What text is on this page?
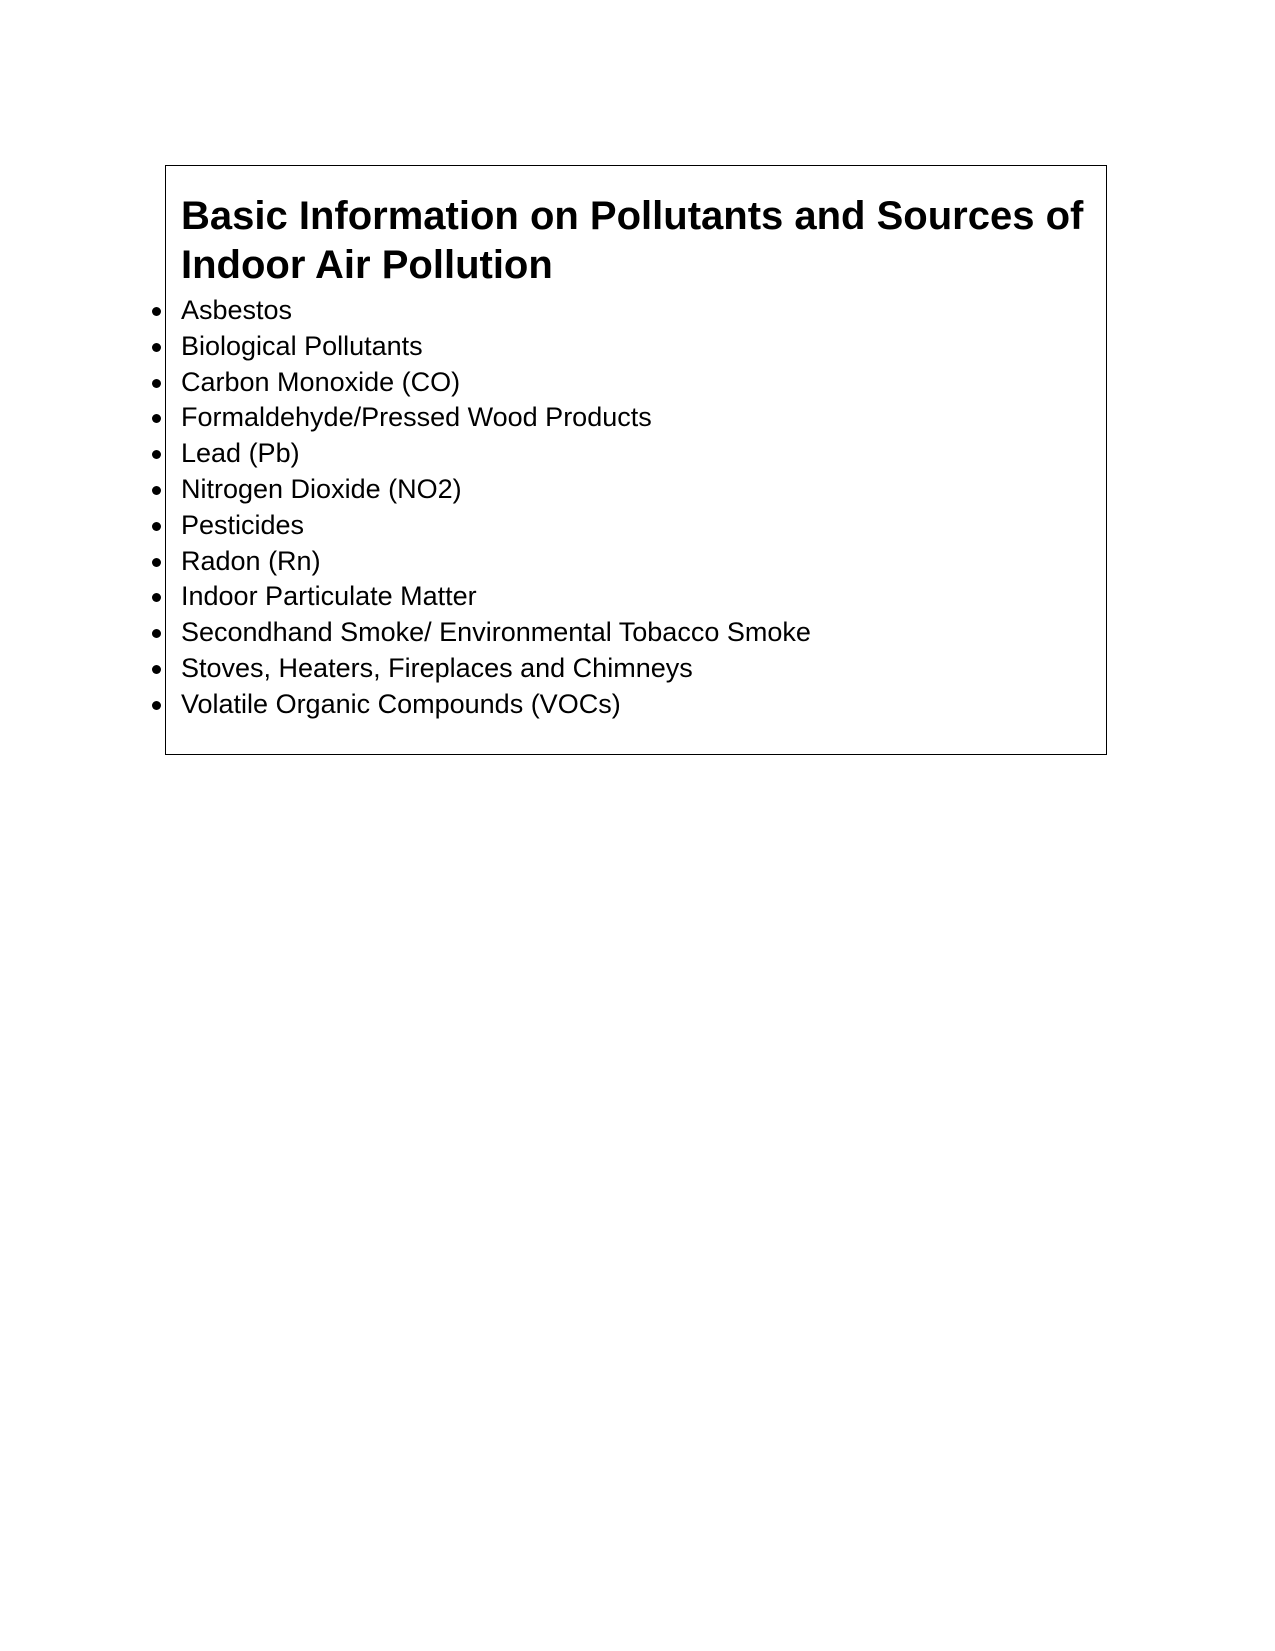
Basic Information on Pollutants and Sources of Indoor Air Pollution
Asbestos
Biological Pollutants
Carbon Monoxide (CO)
Formaldehyde/Pressed Wood Products
Lead (Pb)
Nitrogen Dioxide (NO2)
Pesticides
Radon (Rn)
Indoor Particulate Matter
Secondhand Smoke/ Environmental Tobacco Smoke
Stoves, Heaters, Fireplaces and Chimneys
Volatile Organic Compounds (VOCs)
